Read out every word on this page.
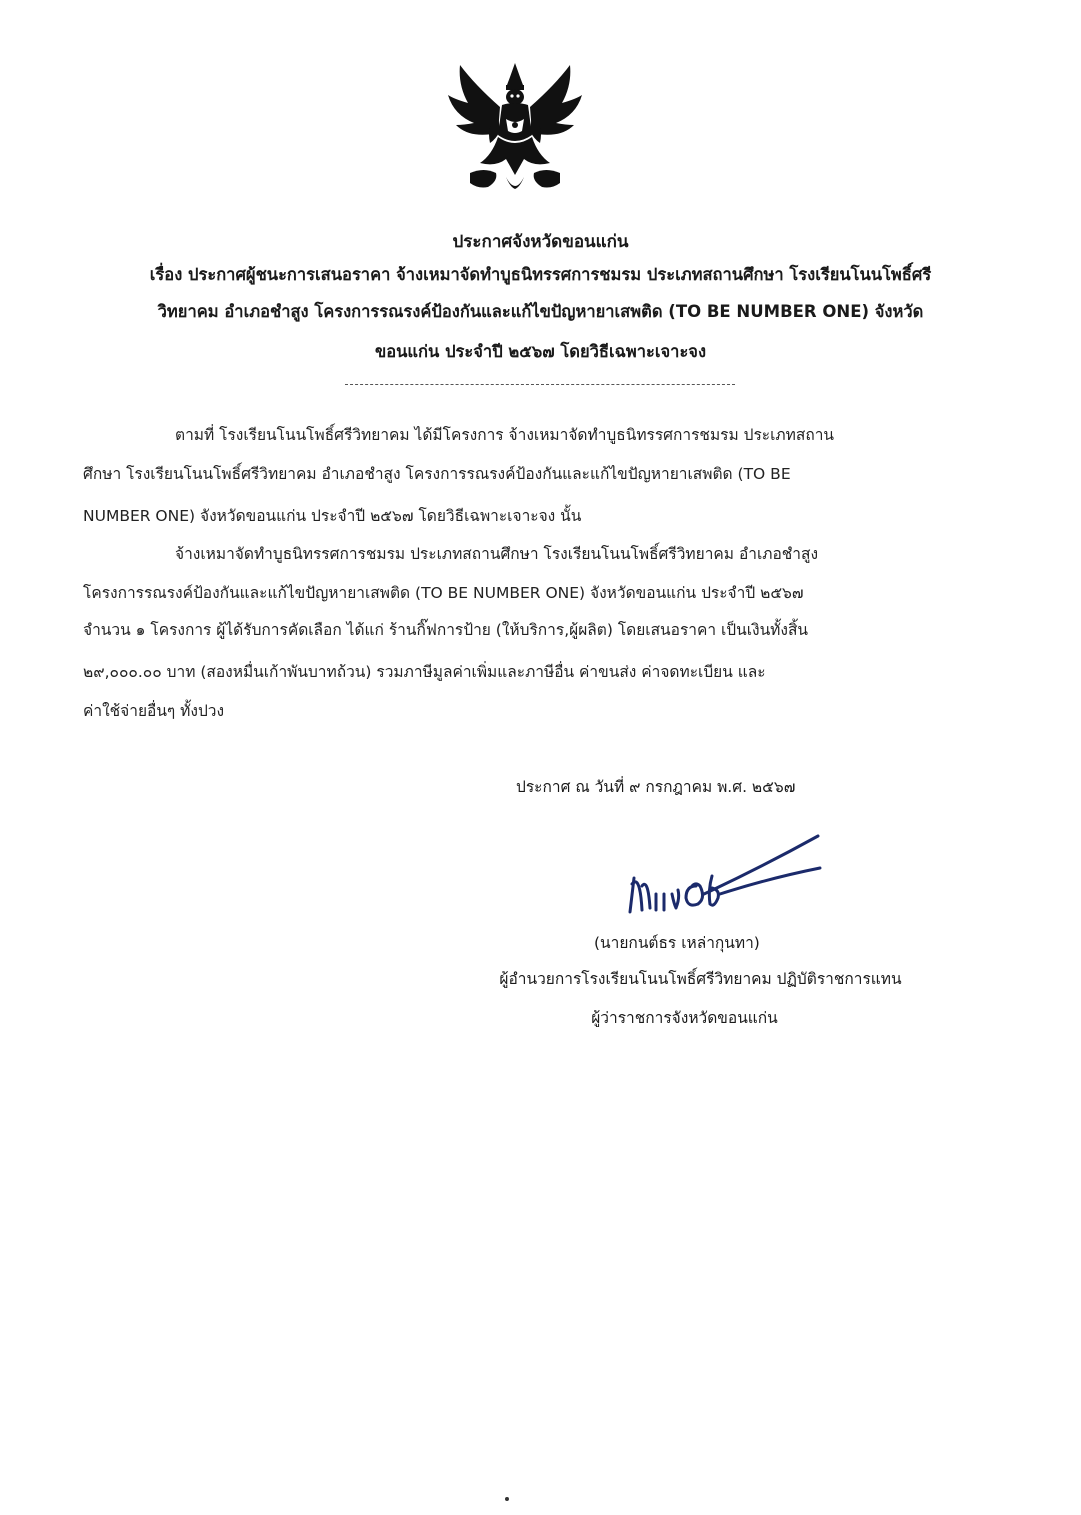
ประกาศจังหวัดขอนแก่น
เรื่อง ประกาศผู้ชนะการเสนอราคา จ้างเหมาจัดทำบูธนิทรรศการชมรม ประเภทสถานศึกษา โรงเรียนโนนโพธิ์ศรี
วิทยาคม อำเภอชำสูง โครงการรณรงค์ป้องกันและแก้ไขปัญหายาเสพติด (TO BE NUMBER ONE) จังหวัด
ขอนแก่น ประจำปี ๒๕๖๗ โดยวิธีเฉพาะเจาะจง
ตามที่ โรงเรียนโนนโพธิ์ศรีวิทยาคม ได้มีโครงการ จ้างเหมาจัดทำบูธนิทรรศการชมรม ประเภทสถาน
ศึกษา โรงเรียนโนนโพธิ์ศรีวิทยาคม อำเภอชำสูง โครงการรณรงค์ป้องกันและแก้ไขปัญหายาเสพติด (TO BE
NUMBER ONE) จังหวัดขอนแก่น ประจำปี ๒๕๖๗ โดยวิธีเฉพาะเจาะจง นั้น
จ้างเหมาจัดทำบูธนิทรรศการชมรม ประเภทสถานศึกษา โรงเรียนโนนโพธิ์ศรีวิทยาคม อำเภอชำสูง
โครงการรณรงค์ป้องกันและแก้ไขปัญหายาเสพติด (TO BE NUMBER ONE) จังหวัดขอนแก่น ประจำปี ๒๕๖๗
จำนวน ๑ โครงการ ผู้ได้รับการคัดเลือก ได้แก่ ร้านกิ๊ฟการป้าย (ให้บริการ,ผู้ผลิต) โดยเสนอราคา เป็นเงินทั้งสิ้น
๒๙,๐๐๐.๐๐ บาท (สองหมื่นเก้าพันบาทถ้วน) รวมภาษีมูลค่าเพิ่มและภาษีอื่น ค่าขนส่ง ค่าจดทะเบียน และ
ค่าใช้จ่ายอื่นๆ ทั้งปวง
ประกาศ ณ วันที่ ๙ กรกฎาคม พ.ศ. ๒๕๖๗
(นายกนต์ธร เหล่ากุนทา)
ผู้อำนวยการโรงเรียนโนนโพธิ์ศรีวิทยาคม ปฏิบัติราชการแทน
ผู้ว่าราชการจังหวัดขอนแก่น
